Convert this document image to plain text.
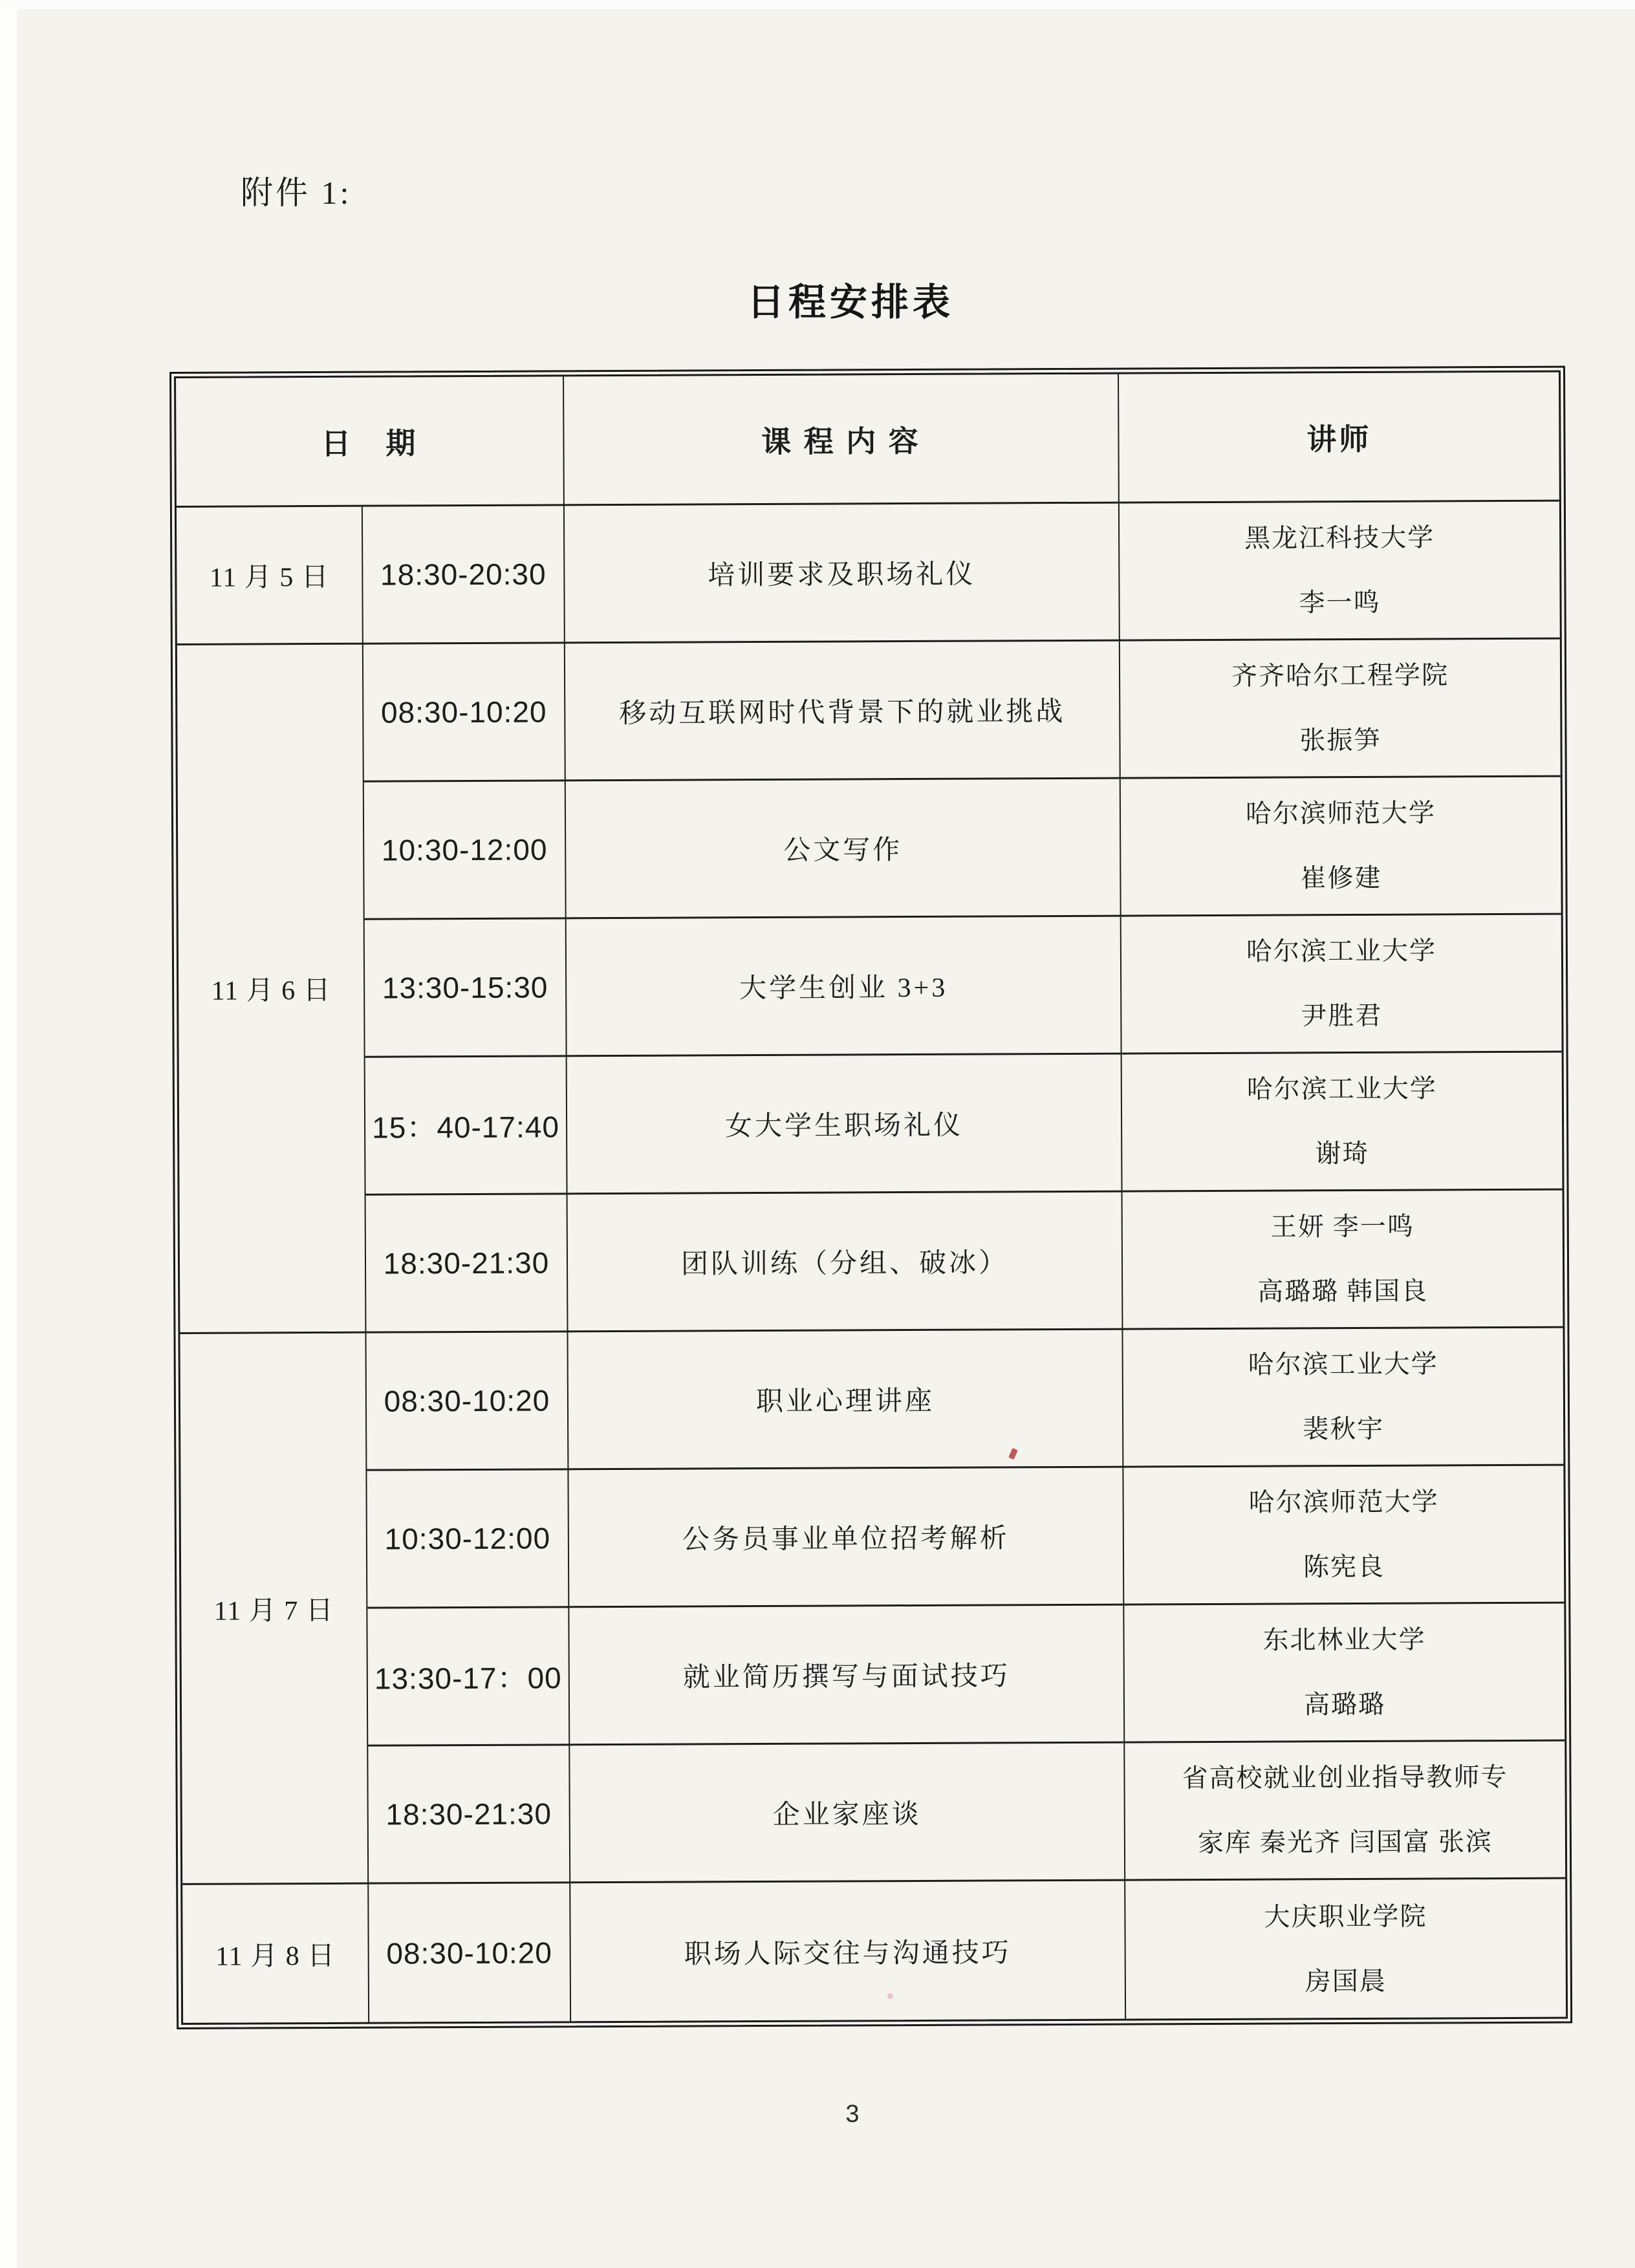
附件 1:
日程安排表
日　期		课 程 内 容	讲师
11 月 5 日	18:30-20:30	培训要求及职场礼仪	黑龙江科技大学
李一鸣

11 月 6 日	08:30-10:20	移动互联网时代背景下的就业挑战	齐齐哈尔工程学院
张振笋

	10:30-12:00	公文写作	哈尔滨师范大学
崔修建

	13:30-15:30	大学生创业 3+3	哈尔滨工业大学
尹胜君

	15：40-17:40	女大学生职场礼仪	哈尔滨工业大学
谢琦

	18:30-21:30	团队训练（分组、破冰）	王妍 李一鸣
高璐璐 韩国良

11 月 7 日	08:30-10:20	职业心理讲座	哈尔滨工业大学
裴秋宇

	10:30-12:00	公务员事业单位招考解析	哈尔滨师范大学
陈宪良

	13:30-17：00	就业简历撰写与面试技巧	东北林业大学
高璐璐

	18:30-21:30	企业家座谈	省高校就业创业指导教师专
家库 秦光齐 闫国富 张滨

11 月 8 日	08:30-10:20	职场人际交往与沟通技巧	大庆职业学院
房国晨
3
